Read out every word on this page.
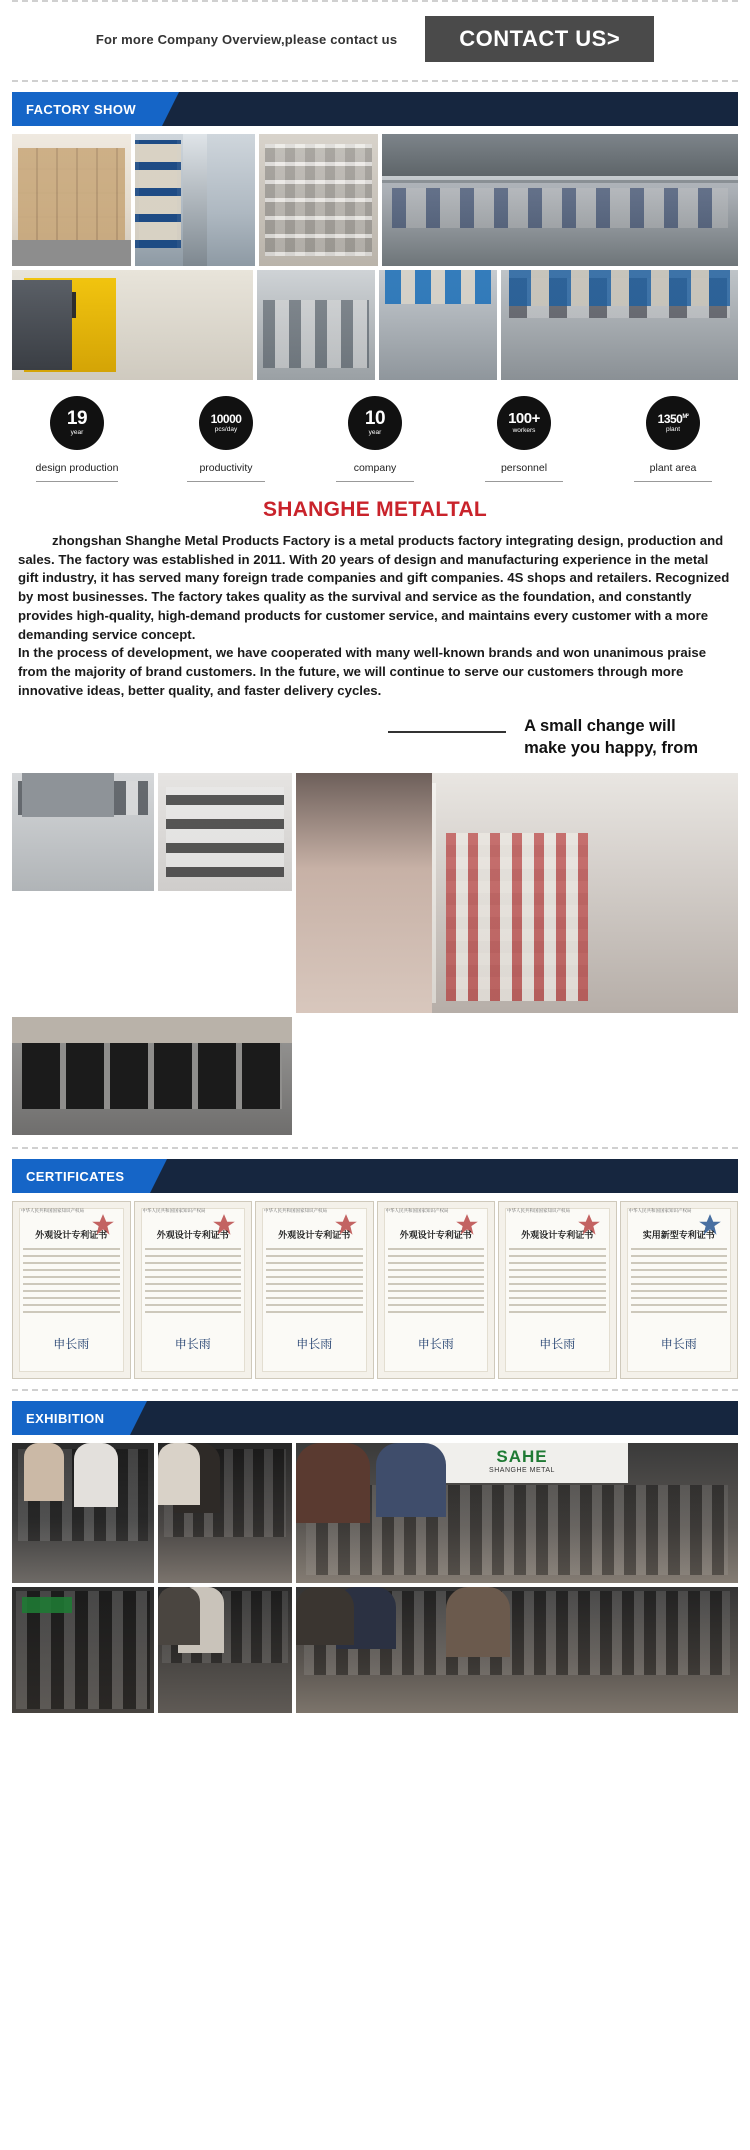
For more Company Overview,please contact us	CONTACT US>
FACTORY SHOW
19
year
design production
10000
pcs/day
productivity
10
year
company
100+
workers
personnel
$1350^{M^2}$
plant
plant area
SHANGHE METALTAL

zhongshan Shanghe Metal Products Factory is a metal products factory integrating design, production and sales. The factory was established in 2011. With 20 years of design and manufacturing experience in the metal gift industry, it has served many foreign trade companies and gift companies. 4S shops and retailers. Recognized by most businesses. The factory takes quality as the survival and service as the foundation, and constantly provides high-quality, high-demand products for customer service, and maintains every customer with a more demanding service concept.

In the process of development, we have cooperated with many well-known brands and won unanimous praise from the majority of brand customers. In the future, we will continue to serve our customers through more innovative ideas, better quality, and faster delivery cycles.

A small change will
make you happy, from
CERTIFICATES
中华人民共和国国家知识产权局
外观设计专利证书
申长雨
中华人民共和国国家知识产权局
外观设计专利证书
申长雨
中华人民共和国国家知识产权局
外观设计专利证书
申长雨
中华人民共和国国家知识产权局
外观设计专利证书
申长雨
中华人民共和国国家知识产权局
外观设计专利证书
申长雨
中华人民共和国国家知识产权局
实用新型专利证书
申长雨
EXHIBITION
SAHE
SHANGHE METAL
